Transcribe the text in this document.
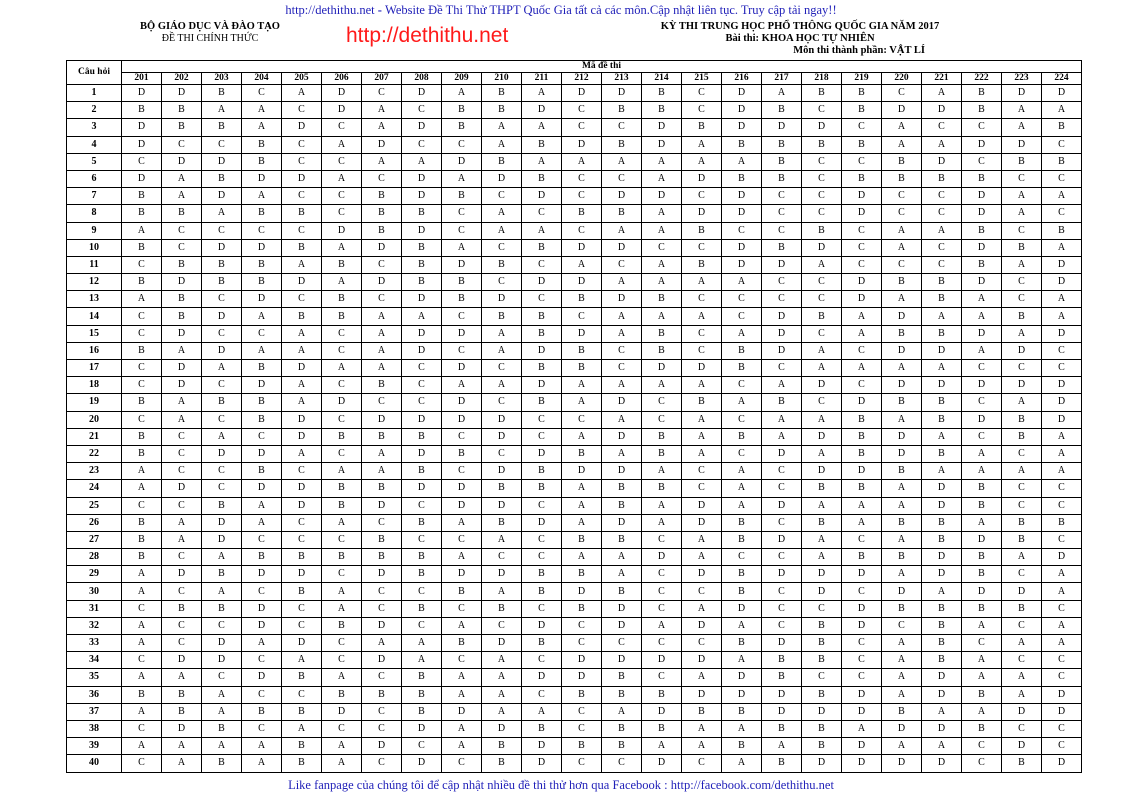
http://dethithu.net - Website Đề Thi Thử THPT Quốc Gia tất cả các môn.Cập nhật liên tục. Truy cập tải ngay!!
BỘ GIÁO DỤC VÀ ĐÀO TẠO
ĐỀ THI CHÍNH THỨC	http://dethithu.net	KỲ THI TRUNG HỌC PHỔ THÔNG QUỐC GIA NĂM 2017
Bài thi: KHOA HỌC TỰ NHIÊN
Môn thi thành phần: VẬT LÍ
Câu hỏi	Mã đề thi																							
	201	202	203	204	205	206	207	208	209	210	211	212	213	214	215	216	217	218	219	220	221	222	223	224
1	D	D	B	C	A	D	C	D	A	B	A	D	D	B	C	D	A	B	B	C	A	B	D	D
2	B	B	A	A	C	D	A	C	B	B	D	C	B	B	C	D	B	C	B	D	D	B	A	A
3	D	B	B	A	D	C	A	D	B	A	A	C	C	D	B	D	D	D	C	A	C	C	A	B
4	D	C	C	B	C	A	D	C	C	A	B	D	B	D	A	B	B	B	B	A	A	D	D	C
5	C	D	D	B	C	C	A	A	D	B	A	A	A	A	A	A	B	C	C	B	D	C	B	B
6	D	A	B	D	D	A	C	D	A	D	B	C	C	A	D	B	B	C	B	B	B	B	C	C
7	B	A	D	A	C	C	B	D	B	C	D	C	D	D	C	D	C	C	D	C	C	D	A	A
8	B	B	A	B	B	C	B	B	C	A	C	B	B	A	D	D	C	C	D	C	C	D	A	C
9	A	C	C	C	C	D	B	D	C	A	A	C	A	A	B	C	C	B	C	A	A	B	C	B
10	B	C	D	D	B	A	D	B	A	C	B	D	D	C	C	D	B	D	C	A	C	D	B	A
11	C	B	B	B	A	B	C	B	D	B	C	A	C	A	B	D	D	A	C	C	C	B	A	D
12	B	D	B	B	D	A	D	B	B	C	D	D	A	A	A	A	C	C	D	B	B	D	C	D
13	A	B	C	D	C	B	C	D	B	D	C	B	D	B	C	C	C	C	D	A	B	A	C	A
14	C	B	D	A	B	B	A	A	C	B	B	C	A	A	A	C	D	B	A	D	A	A	B	A
15	C	D	C	C	A	C	A	D	D	A	B	D	A	B	C	A	D	C	A	B	B	D	A	D
16	B	A	D	A	A	C	A	D	C	A	D	B	C	B	C	B	D	A	C	D	D	A	D	C
17	C	D	A	B	D	A	A	C	D	C	B	B	C	D	D	B	C	A	A	A	A	C	C	C
18	C	D	C	D	A	C	B	C	A	A	D	A	A	A	A	C	A	D	C	D	D	D	D	D
19	B	A	B	B	A	D	C	C	D	C	B	A	D	C	B	A	B	C	D	B	B	C	A	D
20	C	A	C	B	D	C	D	D	D	D	C	C	A	C	A	C	A	A	B	A	B	D	B	D
21	B	C	A	C	D	B	B	B	C	D	C	A	D	B	A	B	A	D	B	D	A	C	B	A
22	B	C	D	D	A	C	A	D	B	C	D	B	A	B	A	C	D	A	B	D	B	A	C	A
23	A	C	C	B	C	A	A	B	C	D	B	D	D	A	C	A	C	D	D	B	A	A	A	A
24	A	D	C	D	D	B	B	D	D	B	B	A	B	B	C	A	C	B	B	A	D	B	C	C
25	C	C	B	A	D	B	D	C	D	D	C	A	B	A	D	A	D	A	A	A	D	B	C	C
26	B	A	D	A	C	A	C	B	A	B	D	A	D	A	D	B	C	B	A	B	B	A	B	B
27	B	A	D	C	C	C	B	C	C	A	C	B	B	C	A	B	D	A	C	A	B	D	B	C
28	B	C	A	B	B	B	B	B	A	C	C	A	A	D	A	C	C	A	B	B	D	B	A	D
29	A	D	B	D	D	C	D	B	D	D	B	B	A	C	D	B	D	D	D	A	D	B	C	A
30	A	C	A	C	B	A	C	C	B	A	B	D	B	C	C	B	C	D	C	D	A	D	D	A
31	C	B	B	D	C	A	C	B	C	B	C	B	D	C	A	D	C	C	D	B	B	B	B	C
32	A	C	C	D	C	B	D	C	A	C	D	C	D	A	D	A	C	B	D	C	B	A	C	A
33	A	C	D	A	D	C	A	A	B	D	B	C	C	C	C	B	D	B	C	A	B	C	A	A
34	C	D	D	C	A	C	D	A	C	A	C	D	D	D	D	A	B	B	C	A	B	A	C	C
35	A	A	C	D	B	A	C	B	A	A	D	D	B	C	A	D	B	C	C	A	D	A	A	C
36	B	B	A	C	C	B	B	B	A	A	C	B	B	B	D	D	D	B	D	A	D	B	A	D
37	A	B	A	B	B	D	C	B	D	A	A	C	A	D	B	B	D	D	D	B	A	A	D	D
38	C	D	B	C	A	C	C	D	A	D	B	C	B	B	A	A	B	B	A	D	D	B	C	C
39	A	A	A	A	B	A	D	C	A	B	D	B	B	A	A	B	A	B	D	A	A	C	D	C
40	C	A	B	A	B	A	C	D	C	B	D	C	C	D	C	A	B	D	D	D	D	C	B	D
Like fanpage của chúng tôi để cập nhật nhiều đề thi thử hơn qua Facebook : http://facebook.com/dethithu.net
